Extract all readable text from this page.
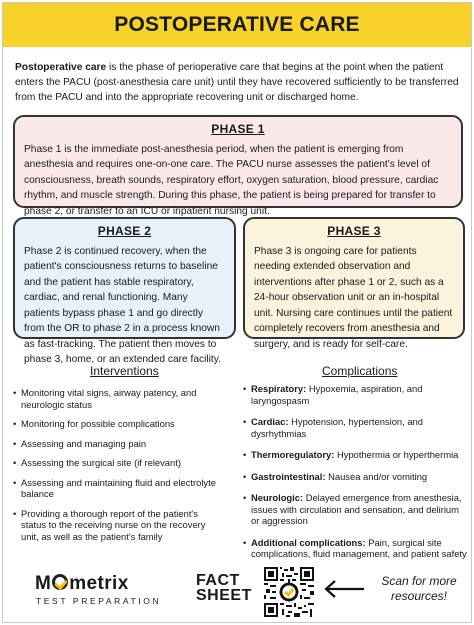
POSTOPERATIVE CARE

Postoperative care is the phase of perioperative care that begins at the point when the patient enters the PACU (post-anesthesia care unit) until they have recovered sufficiently to be transferred from the PACU and into the appropriate recovering unit or discharged home.

PHASE 1

Phase 1 is the immediate post-anesthesia period, when the patient is emerging from anesthesia and requires one-on-one care. The PACU nurse assesses the patient's level of consciousness, breath sounds, respiratory effort, oxygen saturation, blood pressure, cardiac rhythm, and muscle strength. During this phase, the patient is being prepared for transfer to phase 2, or transfer to an ICU or inpatient nursing unit.

PHASE 2

Phase 2 is continued recovery, when the patient's consciousness returns to baseline and the patient has stable respiratory, cardiac, and renal functioning. Many patients bypass phase 1 and go directly from the OR to phase 2 in a process known as fast-tracking. The patient then moves to phase 3, home, or an extended care facility.

PHASE 3

Phase 3 is ongoing care for patients needing extended observation and interventions after phase 1 or 2, such as a 24-hour observation unit or an in-hospital unit. Nursing care continues until the patient completely recovers from anesthesia and surgery, and is ready for self-care.

Interventions
• Monitoring vital signs, airway patency, and neurologic status
• Monitoring for possible complications
• Assessing and managing pain
• Assessing the surgical site (if relevant)
• Assessing and maintaining fluid and electrolyte balance
• Providing a thorough report of the patient's status to the receiving nurse on the recovery unit, as well as the patient's family
Complications
• Respiratory: Hypoxemia, aspiration, and laryngospasm
• Cardiac: Hypotension, hypertension, and dysrhythmias
• Thermoregulatory: Hypothermia or hyperthermia
• Gastrointestinal: Nausea and/or vomiting
• Neurologic: Delayed emergence from anesthesia, issues with circulation and sensation, and delirium or aggression
• Additional complications: Pain, surgical site complications, fluid management, and patient safety
M metrix
TEST PREPARATION
FACT
SHEET
Scan for more
resources!
